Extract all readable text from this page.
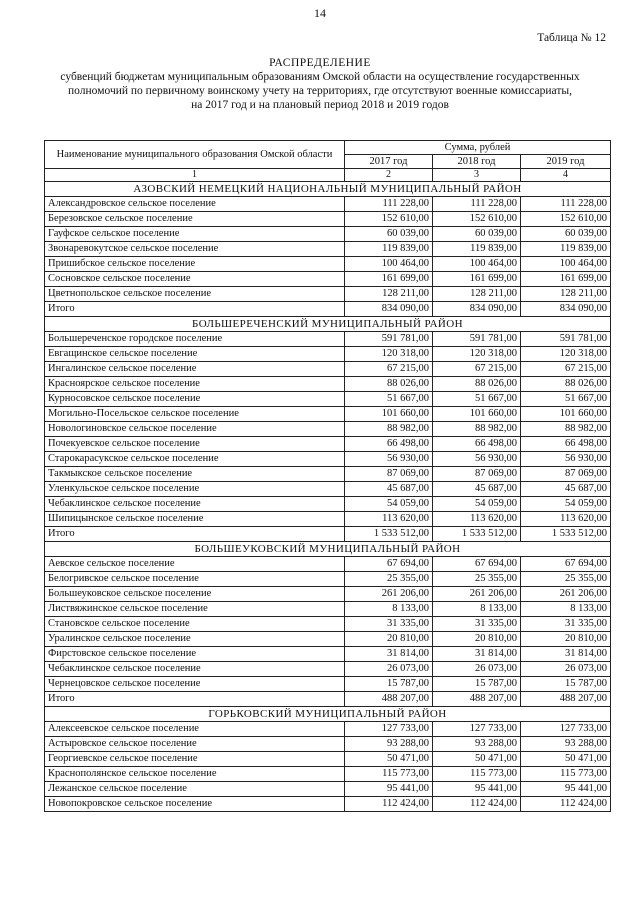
14
Таблица № 12
РАСПРЕДЕЛЕНИЕ
субвенций бюджетам муниципальным образованиям Омской области на осуществление государственных
полномочий по первичному воинскому учету на территориях, где отсутствуют военные комиссариаты,
на 2017 год и на плановый период 2018 и 2019 годов
Наименование муниципального образования Омской области	Сумма, рублей		
	2017 год	2018 год	2019 год
1	2	3	4
АЗОВСКИЙ НЕМЕЦКИЙ НАЦИОНАЛЬНЫЙ МУНИЦИПАЛЬНЫЙ РАЙОН			
Александровское сельское поселение	111 228,00	111 228,00	111 228,00
Березовское сельское поселение	152 610,00	152 610,00	152 610,00
Гауфское сельское поселение	60 039,00	60 039,00	60 039,00
Звонаревокутское сельское поселение	119 839,00	119 839,00	119 839,00
Пришибское сельское поселение	100 464,00	100 464,00	100 464,00
Сосновское сельское поселение	161 699,00	161 699,00	161 699,00
Цветнопольское сельское поселение	128 211,00	128 211,00	128 211,00
Итого	834 090,00	834 090,00	834 090,00
БОЛЬШЕРЕЧЕНСКИЙ МУНИЦИПАЛЬНЫЙ РАЙОН			
Большереченское городское поселение	591 781,00	591 781,00	591 781,00
Евгащинское сельское поселение	120 318,00	120 318,00	120 318,00
Ингалинское сельское поселение	67 215,00	67 215,00	67 215,00
Красноярское сельское поселение	88 026,00	88 026,00	88 026,00
Курносовское сельское поселение	51 667,00	51 667,00	51 667,00
Могильно-Посельское сельское поселение	101 660,00	101 660,00	101 660,00
Новологиновское сельское поселение	88 982,00	88 982,00	88 982,00
Почекуевское сельское поселение	66 498,00	66 498,00	66 498,00
Старокарасукское сельское поселение	56 930,00	56 930,00	56 930,00
Такмыкское сельское поселение	87 069,00	87 069,00	87 069,00
Уленкульское сельское поселение	45 687,00	45 687,00	45 687,00
Чебаклинское сельское поселение	54 059,00	54 059,00	54 059,00
Шипицынское сельское поселение	113 620,00	113 620,00	113 620,00
Итого	1 533 512,00	1 533 512,00	1 533 512,00
БОЛЬШЕУКОВСКИЙ МУНИЦИПАЛЬНЫЙ РАЙОН			
Аевское сельское поселение	67 694,00	67 694,00	67 694,00
Белогривское сельское поселение	25 355,00	25 355,00	25 355,00
Большеуковское сельское поселение	261 206,00	261 206,00	261 206,00
Листвяжинское сельское поселение	8 133,00	8 133,00	8 133,00
Становское сельское поселение	31 335,00	31 335,00	31 335,00
Уралинское сельское поселение	20 810,00	20 810,00	20 810,00
Фирстовское сельское поселение	31 814,00	31 814,00	31 814,00
Чебаклинское сельское поселение	26 073,00	26 073,00	26 073,00
Чернецовское сельское поселение	15 787,00	15 787,00	15 787,00
Итого	488 207,00	488 207,00	488 207,00
ГОРЬКОВСКИЙ МУНИЦИПАЛЬНЫЙ РАЙОН			
Алексеевское сельское поселение	127 733,00	127 733,00	127 733,00
Астыровское сельское поселение	93 288,00	93 288,00	93 288,00
Георгиевское сельское поселение	50 471,00	50 471,00	50 471,00
Краснополянское сельское поселение	115 773,00	115 773,00	115 773,00
Лежанское сельское поселение	95 441,00	95 441,00	95 441,00
Новопокровское сельское поселение	112 424,00	112 424,00	112 424,00
